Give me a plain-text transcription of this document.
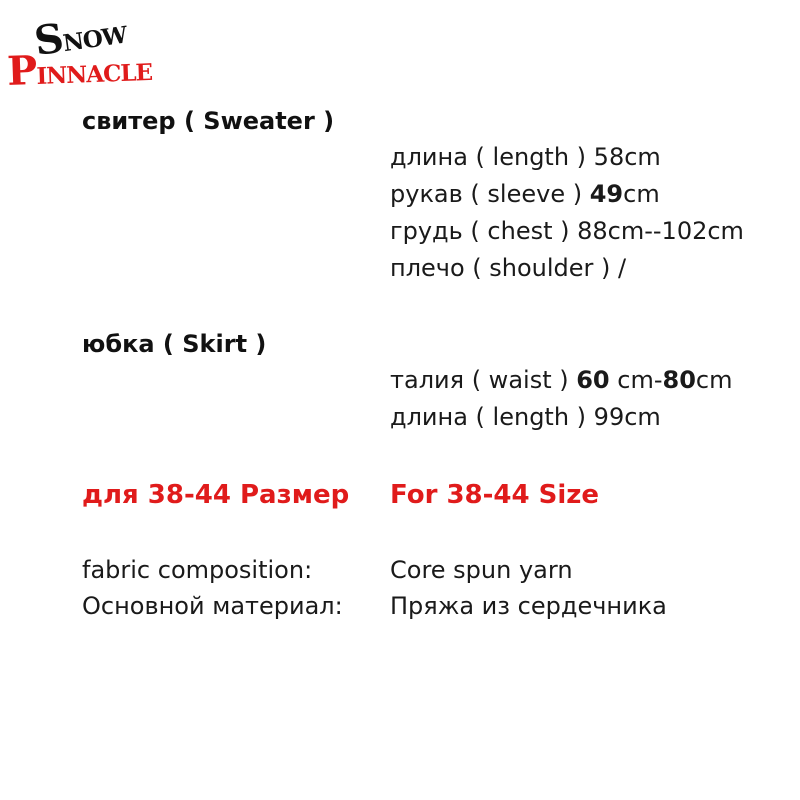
SNOW
PINNACLE
свитер ( Sweater )
длина ( length ) 58cm
рукав ( sleeve ) 49cm
грудь ( chest ) 88cm--102cm
плечо ( shoulder ) /
юбка ( Skirt )
талия ( waist ) 60 cm-80cm
длина ( length ) 99cm
для 38-44 Размер For 38-44 Size
fabric composition:	Core spun yarn
Основной материал: Пряжа из сердечника
